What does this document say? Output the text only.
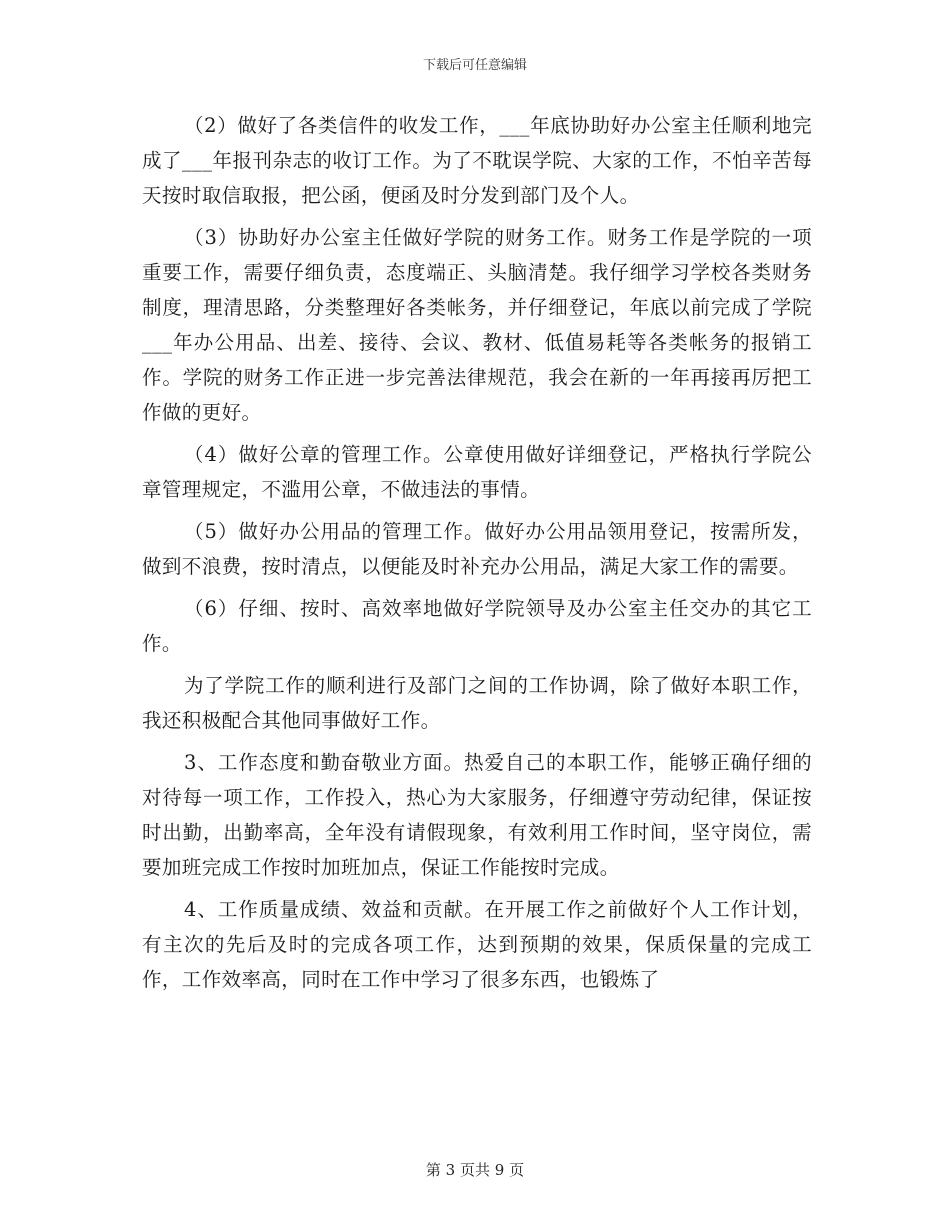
下载后可任意编辑

（2）做好了各类信件的收发工作，___年底协助好办公室主任顺利地完成了___年报刊杂志的收订工作。为了不耽误学院、大家的工作，不怕辛苦每天按时取信取报，把公函，便函及时分发到部门及个人。

（3）协助好办公室主任做好学院的财务工作。财务工作是学院的一项重要工作，需要仔细负责，态度端正、头脑清楚。我仔细学习学校各类财务制度，理清思路，分类整理好各类帐务，并仔细登记，年底以前完成了学院___年办公用品、出差、接待、会议、教材、低值易耗等各类帐务的报销工作。学院的财务工作正进一步完善法律规范，我会在新的一年再接再厉把工作做的更好。

（4）做好公章的管理工作。公章使用做好详细登记，严格执行学院公章管理规定，不滥用公章，不做违法的事情。

（5）做好办公用品的管理工作。做好办公用品领用登记，按需所发，做到不浪费，按时清点，以便能及时补充办公用品，满足大家工作的需要。

（6）仔细、按时、高效率地做好学院领导及办公室主任交办的其它工作。

为了学院工作的顺利进行及部门之间的工作协调，除了做好本职工作，我还积极配合其他同事做好工作。

3、工作态度和勤奋敬业方面。热爱自己的本职工作，能够正确仔细的对待每一项工作，工作投入，热心为大家服务，仔细遵守劳动纪律，保证按时出勤，出勤率高，全年没有请假现象，有效利用工作时间，坚守岗位，需要加班完成工作按时加班加点，保证工作能按时完成。

4、工作质量成绩、效益和贡献。在开展工作之前做好个人工作计划，有主次的先后及时的完成各项工作，达到预期的效果，保质保量的完成工作，工作效率高，同时在工作中学习了很多东西，也锻炼了

第 3 页共 9 页
